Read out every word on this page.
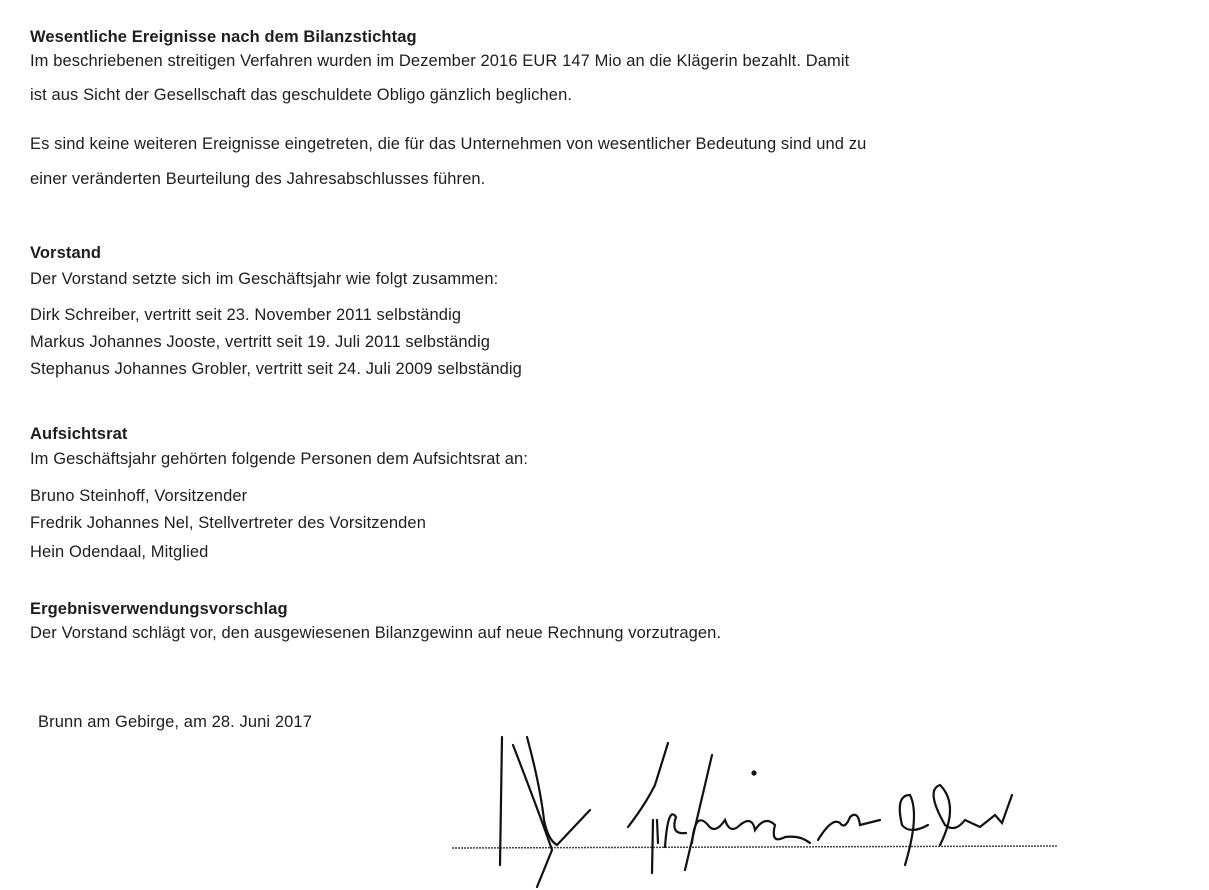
Wesentliche Ereignisse nach dem Bilanzstichtag
Im beschriebenen streitigen Verfahren wurden im Dezember 2016 EUR 147 Mio an die Klägerin bezahlt. Damit
ist aus Sicht der Gesellschaft das geschuldete Obligo gänzlich beglichen.
Es sind keine weiteren Ereignisse eingetreten, die für das Unternehmen von wesentlicher Bedeutung sind und zu
einer veränderten Beurteilung des Jahresabschlusses führen.
Vorstand
Der Vorstand setzte sich im Geschäftsjahr wie folgt zusammen:
Dirk Schreiber, vertritt seit 23. November 2011 selbständig
Markus Johannes Jooste, vertritt seit 19. Juli 2011 selbständig
Stephanus Johannes Grobler, vertritt seit 24. Juli 2009 selbständig
Aufsichtsrat
Im Geschäftsjahr gehörten folgende Personen dem Aufsichtsrat an:
Bruno Steinhoff, Vorsitzender
Fredrik Johannes Nel, Stellvertreter des Vorsitzenden
Hein Odendaal, Mitglied
Ergebnisverwendungsvorschlag
Der Vorstand schlägt vor, den ausgewiesenen Bilanzgewinn auf neue Rechnung vorzutragen.
Brunn am Gebirge, am 28. Juni 2017
